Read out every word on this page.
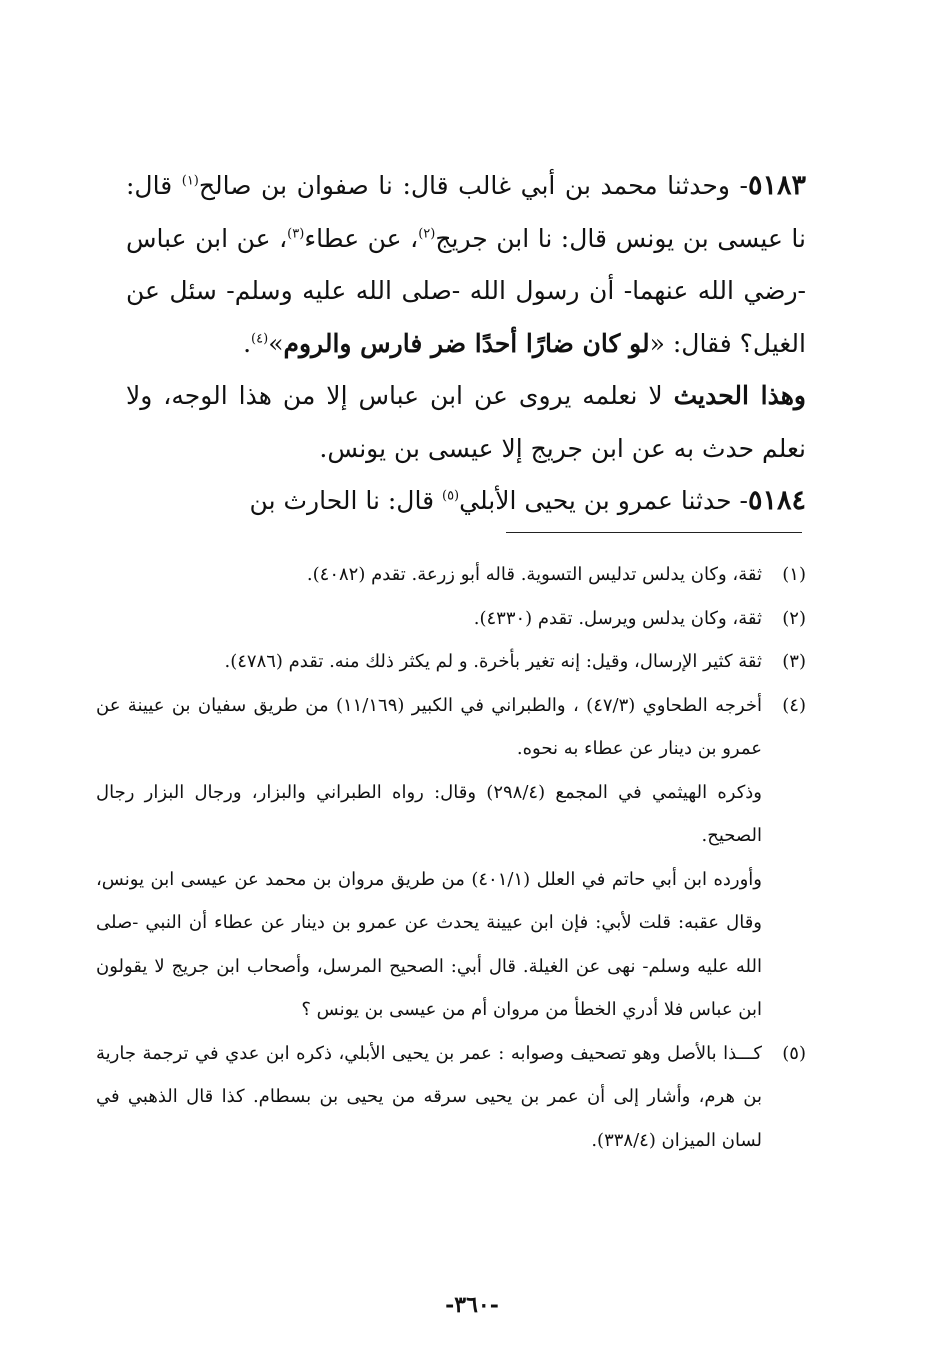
٥١٨٣- وحدثنا محمد بن أبي غالب قال: نا صفوان بن صالح$^{(١)}$ قال: نا عيسى بن يونس قال: نا ابن جريج$^{(٢)}$، عن عطاء$^{(٣)}$، عن ابن عباس -رضي الله عنهما- أن رسول الله -صلى الله عليه وسلم- سئل عن الغيل؟ فقال: «لو كان ضارًا أحدًا ضر فارس والروم»$^{(٤)}$.

وهذا الحديث لا نعلمه يروى عن ابن عباس إلا من هذا الوجه، ولا نعلم حدث به عن ابن جريج إلا عيسى بن يونس.

٥١٨٤- حدثنا عمرو بن يحيى الأبلي$^{(٥)}$ قال: نا الحارث بن

(١)
ثقة، وكان يدلس تدليس التسوية. قاله أبو زرعة. تقدم (٤٠٨٢).

(٢)
ثقة، وكان يدلس ويرسل. تقدم (٤٣٣٠).

(٣)
ثقة كثير الإرسال، وقيل: إنه تغير بأخرة. و لم يكثر ذلك منه. تقدم (٤٧٨٦).

(٤)
أخرجه الطحاوي (٤٧/٣) ، والطبراني في الكبير (١١/١٦٩) من طريق سفيان بن عيينة عن عمرو بن دينار عن عطاء به نحوه.

وذكره الهيثمي في المجمع (٢٩٨/٤) وقال: رواه الطبراني والبزار، ورجال البزار رجال الصحيح.

وأورده ابن أبي حاتم في العلل (٤٠١/١) من طريق مروان بن محمد عن عيسى ابن يونس، وقال عقبه: قلت لأبي: فإن ابن عيينة يحدث عن عمرو بن دينار عن عطاء أن النبي -صلى الله عليه وسلم- نهى عن الغيلة. قال أبي: الصحيح المرسل، وأصحاب ابن جريج لا يقولون ابن عباس فلا أدري الخطأ من مروان أم من عيسى بن يونس ؟

(٥)
كـــذا بالأصل وهو تصحيف وصوابه : عمر بن يحيى الأبلي، ذكره ابن عدي في ترجمة جارية بن هرم، وأشار إلى أن عمر بن يحيى سرقه من يحيى بن بسطام. كذا قال الذهبي في لسان الميزان (٣٣٨/٤).

-٣٦٠-
